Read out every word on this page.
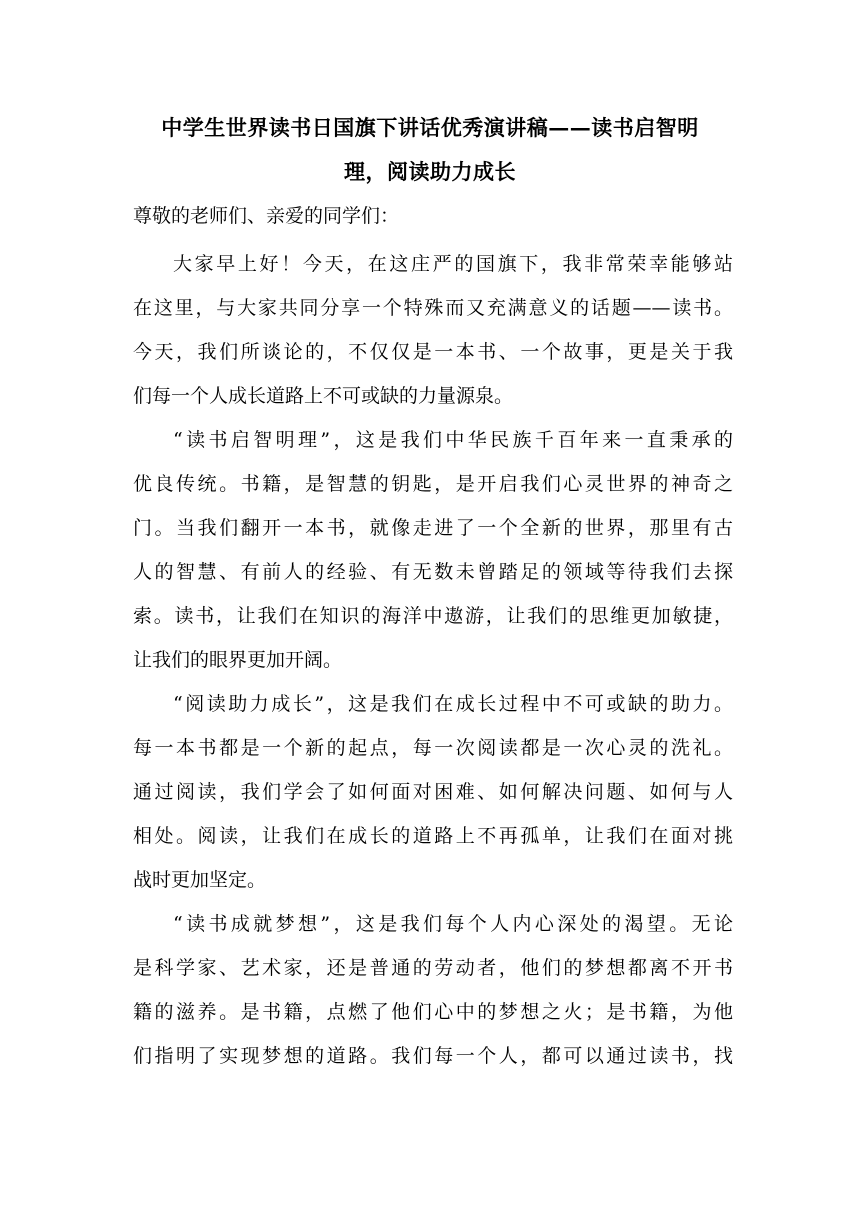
中学生世界读书日国旗下讲话优秀演讲稿——读书启智明
理，阅读助力成长
尊敬的老师们、亲爱的同学们：
大家早上好！今天，在这庄严的国旗下，我非常荣幸能够站
在这里，与大家共同分享一个特殊而又充满意义的话题——读书。
今天，我们所谈论的，不仅仅是一本书、一个故事，更是关于我
们每一个人成长道路上不可或缺的力量源泉。
“读书启智明理”，这是我们中华民族千百年来一直秉承的
优良传统。书籍，是智慧的钥匙，是开启我们心灵世界的神奇之
门。当我们翻开一本书，就像走进了一个全新的世界，那里有古
人的智慧、有前人的经验、有无数未曾踏足的领域等待我们去探
索。读书，让我们在知识的海洋中遨游，让我们的思维更加敏捷，
让我们的眼界更加开阔。
“阅读助力成长”，这是我们在成长过程中不可或缺的助力。
每一本书都是一个新的起点，每一次阅读都是一次心灵的洗礼。
通过阅读，我们学会了如何面对困难、如何解决问题、如何与人
相处。阅读，让我们在成长的道路上不再孤单，让我们在面对挑
战时更加坚定。
“读书成就梦想”，这是我们每个人内心深处的渴望。无论
是科学家、艺术家，还是普通的劳动者，他们的梦想都离不开书
籍的滋养。是书籍，点燃了他们心中的梦想之火；是书籍，为他
们指明了实现梦想的道路。我们每一个人，都可以通过读书，找
